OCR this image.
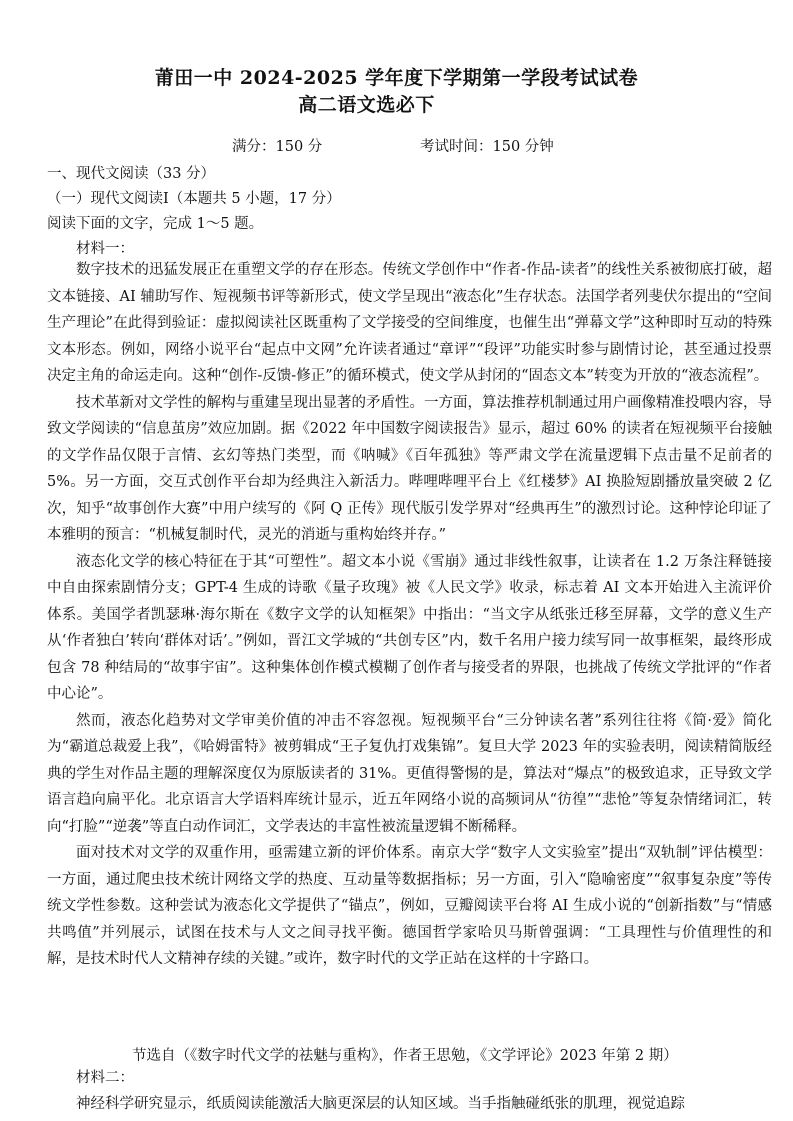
莆田一中 2024-2025 学年度下学期第一学段考试试卷
高二语文选必下
满分：150 分	考试时间：150 分钟
一、现代文阅读（33 分）
（一）现代文阅读Ⅰ（本题共 5 小题，17 分）
阅读下面的文字，完成 1～5 题。
材料一：

数字技术的迅猛发展正在重塑文学的存在形态。传统文学创作中“作者-作品-读者”的线性关系被彻底打破，超文本链接、AI 辅助写作、短视频书评等新形式，使文学呈现出“液态化”生存状态。法国学者列斐伏尔提出的“空间生产理论”在此得到验证：虚拟阅读社区既重构了文学接受的空间维度，也催生出“弹幕文学”这种即时互动的特殊文本形态。例如，网络小说平台“起点中文网”允许读者通过“章评”“段评”功能实时参与剧情讨论，甚至通过投票决定主角的命运走向。这种“创作-反馈-修正”的循环模式，使文学从封闭的“固态文本”转变为开放的“液态流程”。

技术革新对文学性的解构与重建呈现出显著的矛盾性。一方面，算法推荐机制通过用户画像精准投喂内容，导致文学阅读的“信息茧房”效应加剧。据《2022 年中国数字阅读报告》显示，超过 60% 的读者在短视频平台接触的文学作品仅限于言情、玄幻等热门类型，而《呐喊》《百年孤独》等严肃文学在流量逻辑下点击量不足前者的 5%。另一方面，交互式创作平台却为经典注入新活力。哔哩哔哩平台上《红楼梦》AI 换脸短剧播放量突破 2 亿次，知乎“故事创作大赛”中用户续写的《阿 Q 正传》现代版引发学界对“经典再生”的激烈讨论。这种悖论印证了本雅明的预言：“机械复制时代，灵光的消逝与重构始终并存。”

液态化文学的核心特征在于其“可塑性”。超文本小说《雪崩》通过非线性叙事，让读者在 1.2 万条注释链接中自由探索剧情分支；GPT-4 生成的诗歌《量子玫瑰》被《人民文学》收录，标志着 AI 文本开始进入主流评价体系。美国学者凯瑟琳·海尔斯在《数字文学的认知框架》中指出：“当文字从纸张迁移至屏幕，文学的意义生产从‘作者独白’转向‘群体对话’。”例如，晋江文学城的“共创专区”内，数千名用户接力续写同一故事框架，最终形成包含 78 种结局的“故事宇宙”。这种集体创作模式模糊了创作者与接受者的界限，也挑战了传统文学批评的“作者中心论”。

然而，液态化趋势对文学审美价值的冲击不容忽视。短视频平台“三分钟读名著”系列往往将《简·爱》简化为“霸道总裁爱上我”，《哈姆雷特》被剪辑成“王子复仇打戏集锦”。复旦大学 2023 年的实验表明，阅读精简版经典的学生对作品主题的理解深度仅为原版读者的 31%。更值得警惕的是，算法对“爆点”的极致追求，正导致文学语言趋向扁平化。北京语言大学语料库统计显示，近五年网络小说的高频词从“彷徨”“悲怆”等复杂情绪词汇，转向“打脸”“逆袭”等直白动作词汇，文学表达的丰富性被流量逻辑不断稀释。

面对技术对文学的双重作用，亟需建立新的评价体系。南京大学“数字人文实验室”提出“双轨制”评估模型：一方面，通过爬虫技术统计网络文学的热度、互动量等数据指标；另一方面，引入“隐喻密度”“叙事复杂度”等传统文学性参数。这种尝试为液态化文学提供了“锚点”，例如，豆瓣阅读平台将 AI 生成小说的“创新指数”与“情感共鸣值”并列展示，试图在技术与人文之间寻找平衡。德国哲学家哈贝马斯曾强调：“工具理性与价值理性的和解，是技术时代人文精神存续的关键。”或许，数字时代的文学正站在这样的十字路口。

节选自（《数字时代文学的祛魅与重构》，作者王思勉，《文学评论》2023 年第 2 期）
材料二：
神经科学研究显示，纸质阅读能激活大脑更深层的认知区域。当手指触碰纸张的肌理，视觉追踪
